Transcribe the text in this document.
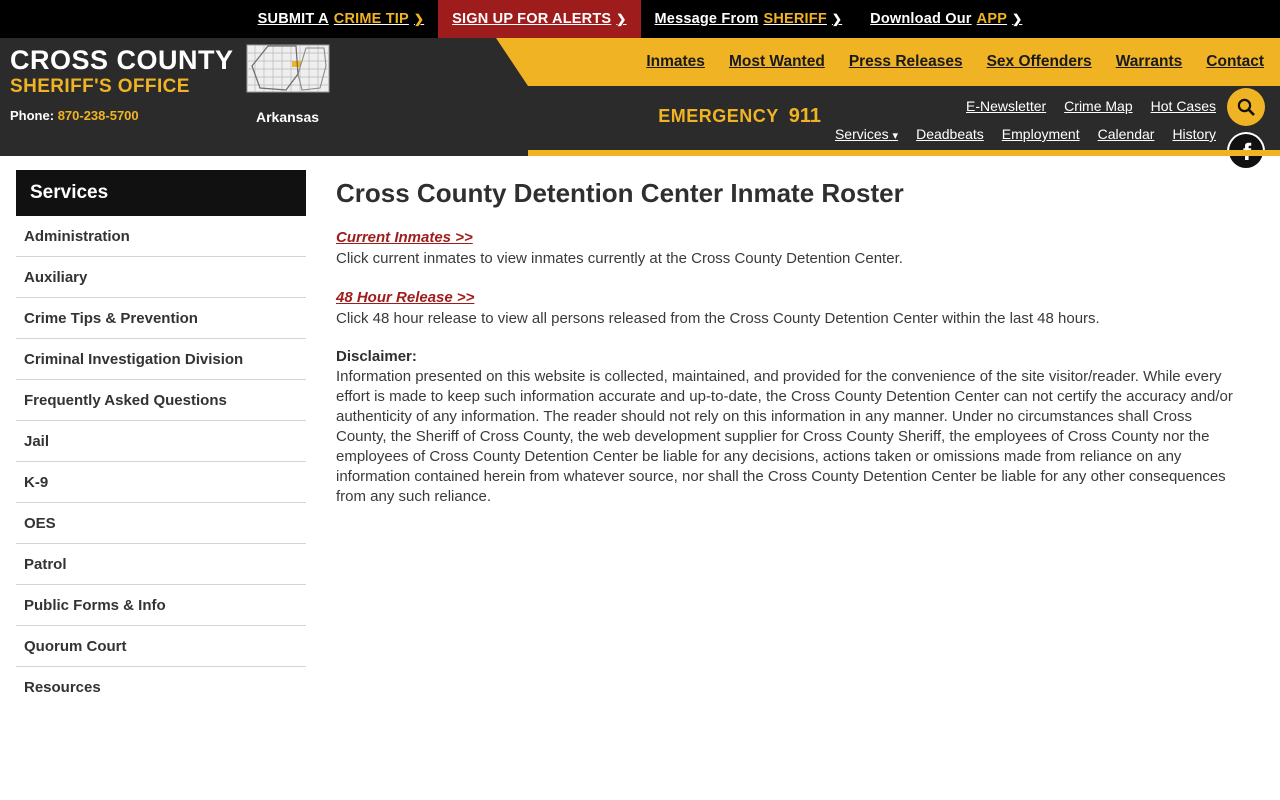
SUBMIT A CRIME TIP ❯ SIGN UP FOR ALERTS ❯ Message From SHERIFF ❯ Download Our APP ❯
CROSS COUNTY
SHERIFF'S OFFICE
Phone: 870-238-5700	Arkansas
Inmates Most Wanted Press Releases Sex Offenders Warrants Contact
EMERGENCY 911	E-Newsletter Crime Map Hot Cases
Services ▾ Deadbeats Employment Calendar History
Services
Administration
Auxiliary
Crime Tips & Prevention
Criminal Investigation Division
Frequently Asked Questions
Jail
K-9
OES
Patrol
Public Forms & Info
Quorum Court
Resources
Cross County Detention Center Inmate Roster
Current Inmates >>

Click current inmates to view inmates currently at the Cross County Detention Center.

48 Hour Release >>

Click 48 hour release to view all persons released from the Cross County Detention Center within the last 48 hours.

Disclaimer:
Information presented on this website is collected, maintained, and provided for the convenience of the site visitor/reader. While every effort is made to keep such information accurate and up-to-date, the Cross County Detention Center can not certify the accuracy and/or authenticity of any information. The reader should not rely on this information in any manner. Under no circumstances shall Cross County, the Sheriff of Cross County, the web development supplier for Cross County Sheriff, the employees of Cross County nor the employees of Cross County Detention Center be liable for any decisions, actions taken or omissions made from reliance on any information contained herein from whatever source, nor shall the Cross County Detention Center be liable for any other consequences from any such reliance.
